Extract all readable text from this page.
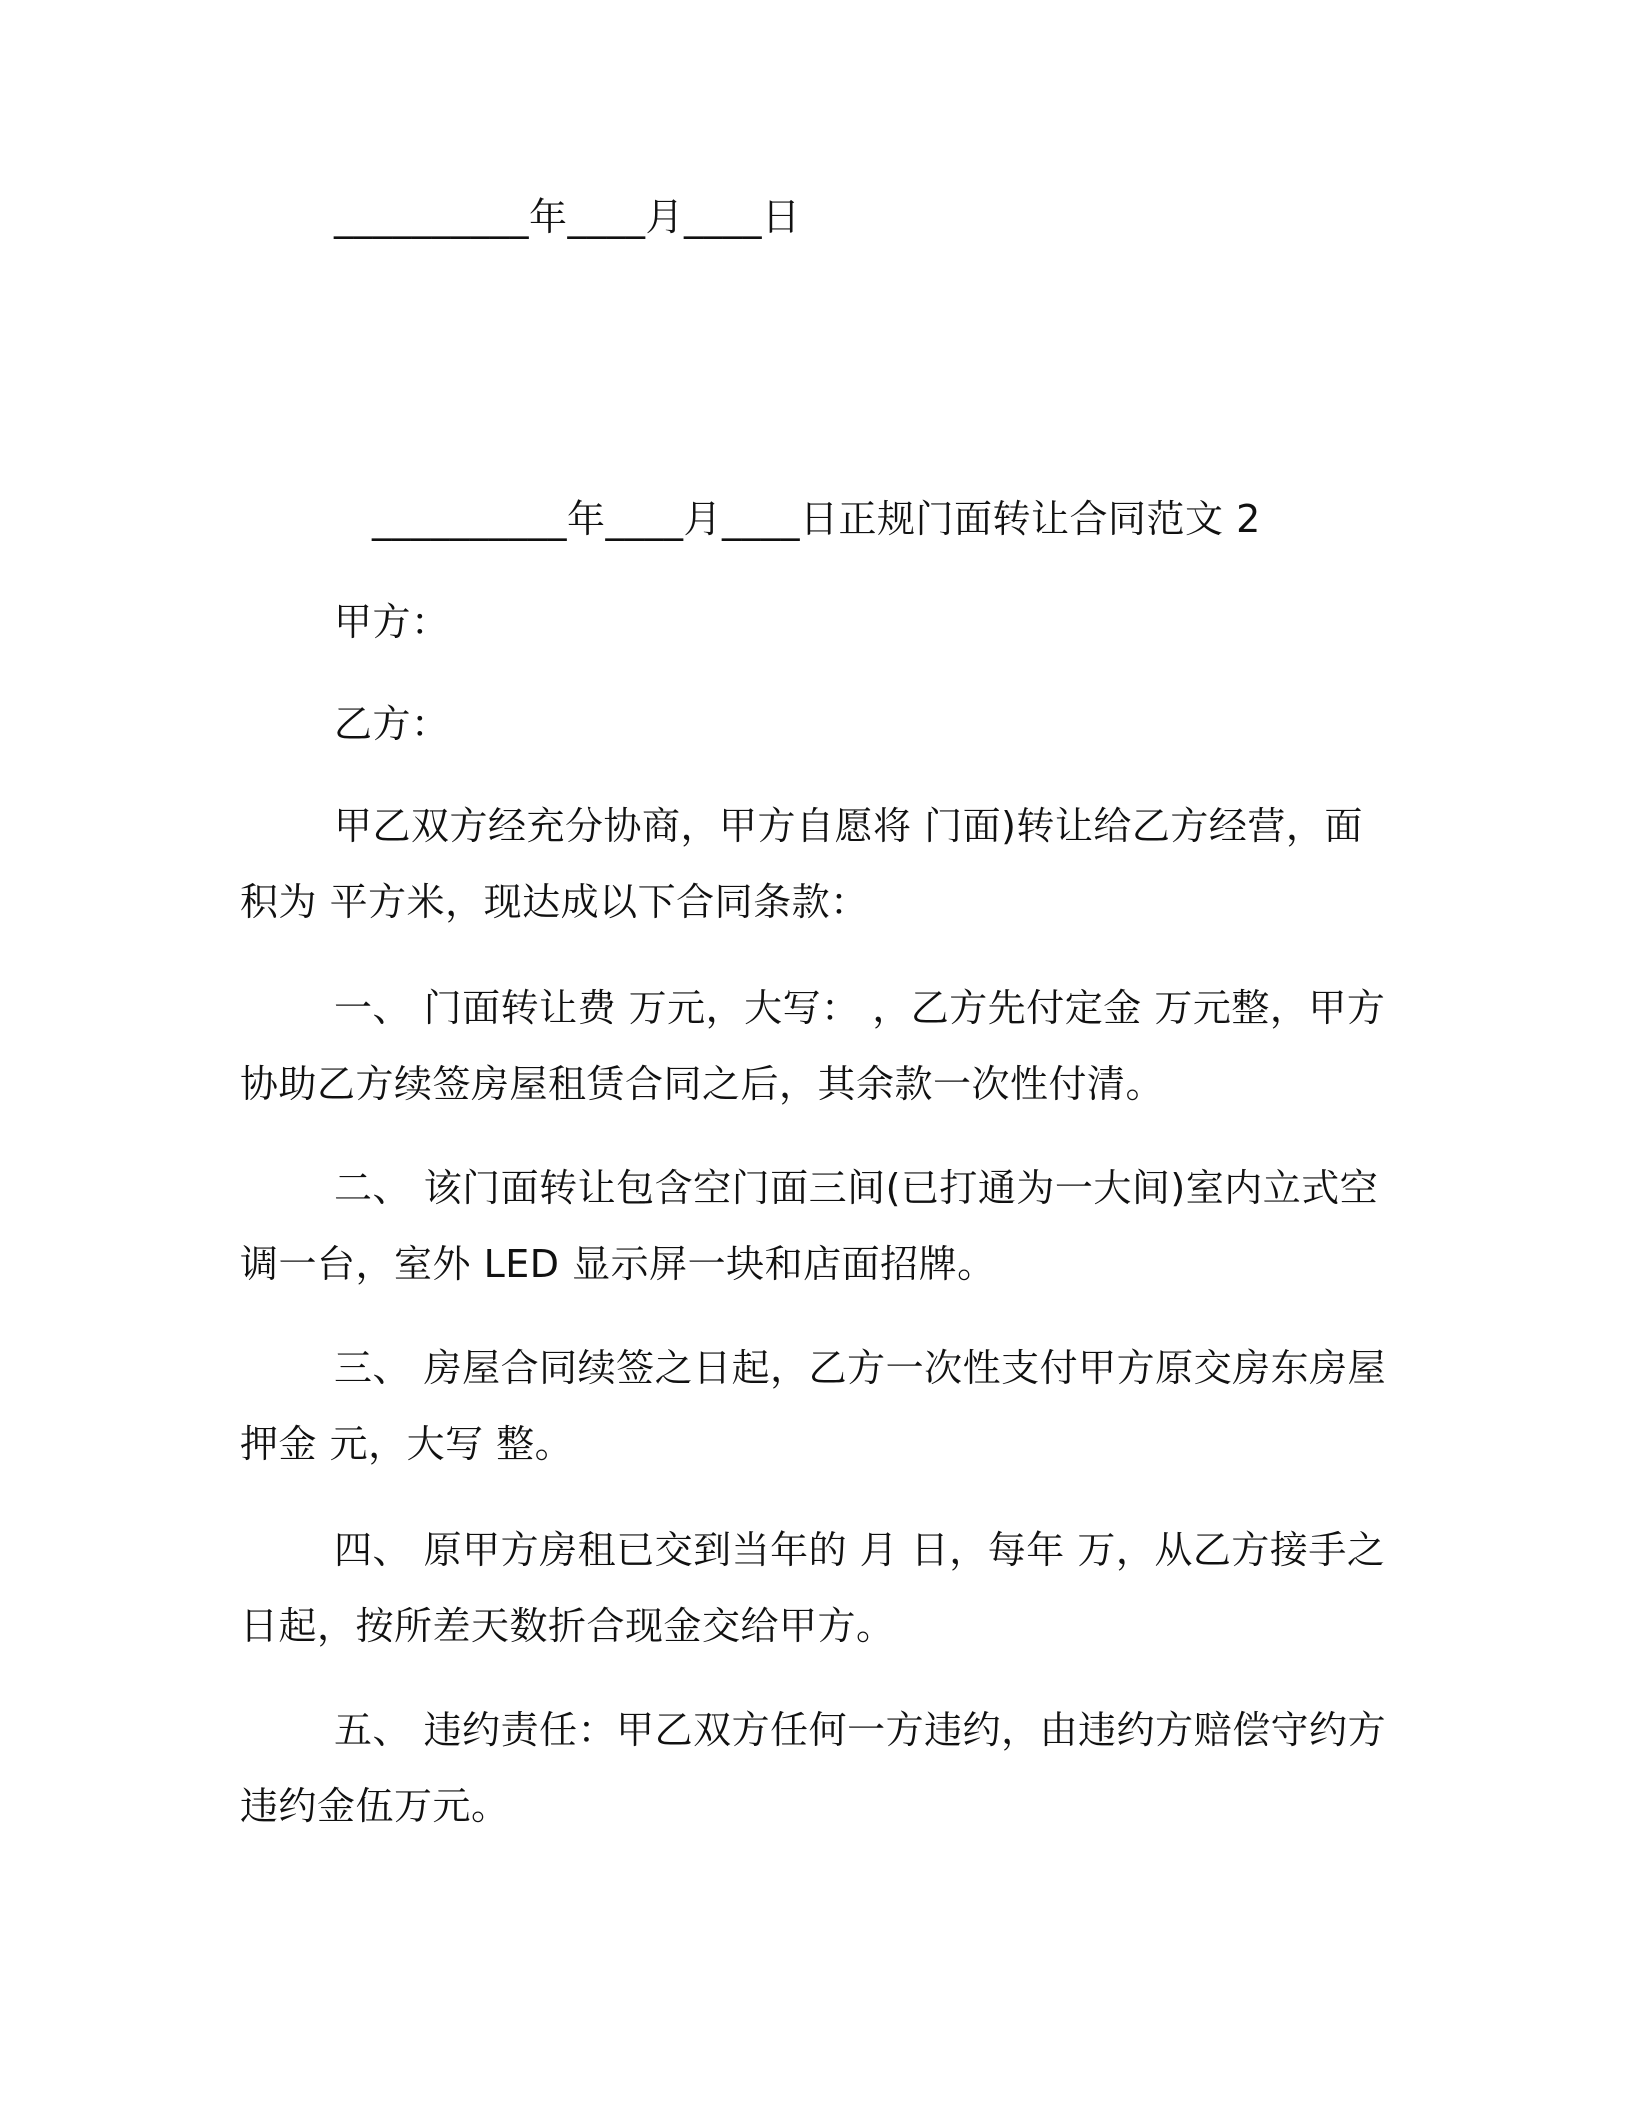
__________年____月____日
__________年____月____日正规门面转让合同范文 2
甲方：
乙方：
甲乙双方经充分协商，甲方自愿将 门面)转让给乙方经营，面积为 平方米，现达成以下合同条款：
一、 门面转让费 万元，大写： ，乙方先付定金 万元整，甲方协助乙方续签房屋租赁合同之后，其余款一次性付清。
二、 该门面转让包含空门面三间(已打通为一大间)室内立式空调一台，室外 LED 显示屏一块和店面招牌。
三、 房屋合同续签之日起，乙方一次性支付甲方原交房东房屋押金 元，大写 整。
四、 原甲方房租已交到当年的 月 日，每年 万，从乙方接手之日起，按所差天数折合现金交给甲方。
五、 违约责任：甲乙双方任何一方违约，由违约方赔偿守约方违约金伍万元。
